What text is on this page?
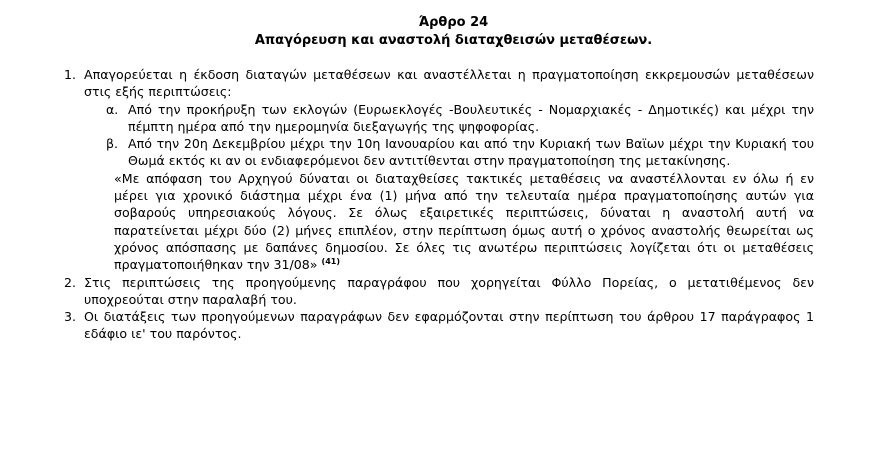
Άρθρο 24
Απαγόρευση και αναστολή διαταχθεισών μεταθέσεων.
1. Απαγορεύεται η έκδοση διαταγών μεταθέσεων και αναστέλλεται η πραγματοποίηση εκκρεμουσών μεταθέσεων στις εξής περιπτώσεις:

α. Από την προκήρυξη των εκλογών (Ευρωεκλογές -Βουλευτικές - Νομαρχιακές - Δημοτικές) και μέχρι την πέμπτη ημέρα από την ημερομηνία διεξαγωγής της ψηφοφορίας.

β. Από την 20η Δεκεμβρίου μέχρι την 10η Ιανουαρίου και από την Κυριακή των Βαϊων μέχρι την Κυριακή του Θωμά εκτός κι αν οι ενδιαφερόμενοι δεν αντιτίθενται στην πραγματοποίηση της μετακίνησης.

«Με απόφαση του Αρχηγού δύναται οι διαταχθείσες τακτικές μεταθέσεις να αναστέλλονται εν όλω ή εν μέρει για χρονικό διάστημα μέχρι ένα (1) μήνα από την τελευταία ημέρα πραγματοποίησης αυτών για σοβαρούς υπηρεσιακούς λόγους. Σε όλως εξαιρετικές περιπτώσεις, δύναται η αναστολή αυτή να παρατείνεται μέχρι δύο (2) μήνες επιπλέον, στην περίπτωση όμως αυτή ο χρόνος αναστολής θεωρείται ως χρόνος απόσπασης με δαπάνες δημοσίου. Σε όλες τις ανωτέρω περιπτώσεις λογίζεται ότι οι μεταθέσεις πραγματοποιήθηκαν την 31/08» $^{(41)}$

2. Στις περιπτώσεις της προηγούμενης παραγράφου που χορηγείται Φύλλο Πορείας, ο μετατιθέμενος δεν υποχρεούται στην παραλαβή του.

3. Οι διατάξεις των προηγούμενων παραγράφων δεν εφαρμόζονται στην περίπτωση του άρθρου 17 παράγραφος 1 εδάφιο ιε' του παρόντος.
